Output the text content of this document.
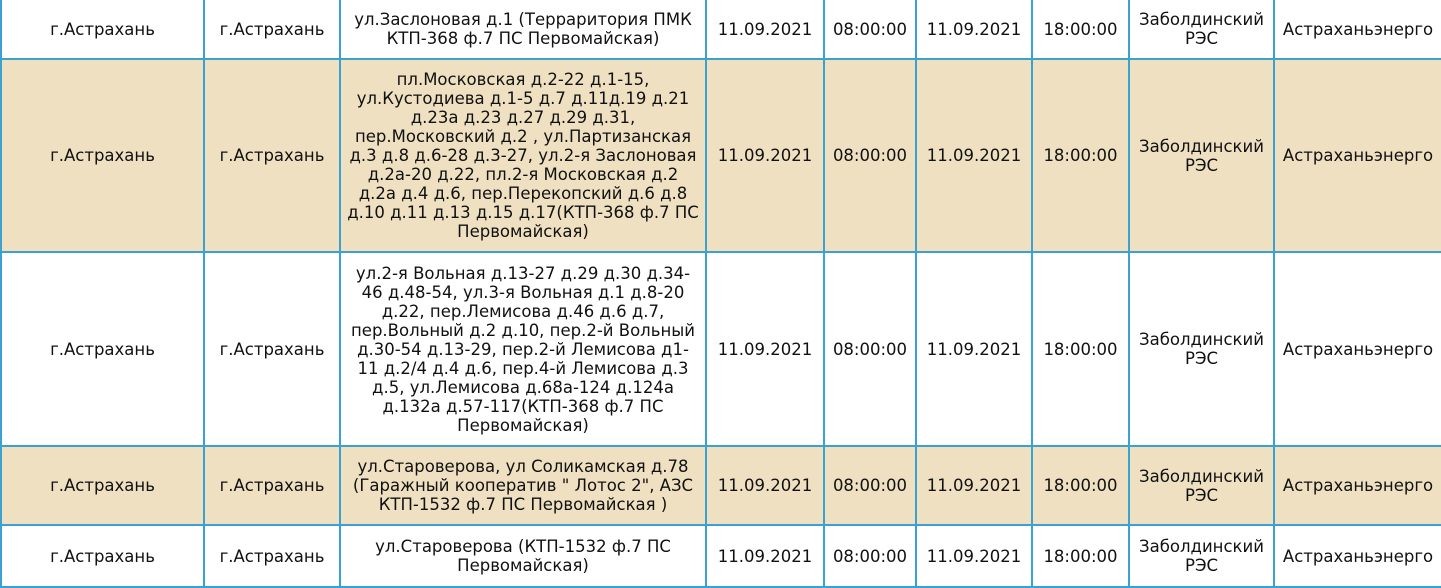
г.Астрахань	г.Астрахань	ул.Заслоновая д.1 (Терраритория ПМК КТП-368 ф.7 ПС Первомайская)	11.09.2021	08:00:00	11.09.2021	18:00:00	Заболдинский РЭС	Астраханьэнерго
г.Астрахань	г.Астрахань	пл.Московская д.2-22 д.1-15, ул.Кустодиева д.1-5 д.7 д.11д.19 д.21 д.23а д.23 д.27 д.29 д.31, пер.Московский д.2 , ул.Партизанская д.3 д.8 д.6-28 д.3-27, ул.2-я Заслоновая д.2а-20 д.22, пл.2-я Московская д.2 д.2а д.4 д.6, пер.Перекопский д.6 д.8 д.10 д.11 д.13 д.15 д.17(КТП-368 ф.7 ПС Первомайская)	11.09.2021	08:00:00	11.09.2021	18:00:00	Заболдинский РЭС	Астраханьэнерго
г.Астрахань	г.Астрахань	ул.2-я Вольная д.13-27 д.29 д.30 д.34-46 д.48-54, ул.3-я Вольная д.1 д.8-20 д.22, пер.Лемисова д.46 д.6 д.7, пер.Вольный д.2 д.10, пер.2-й Вольный д.30-54 д.13-29, пер.2-й Лемисова д1-11 д.2/4 д.4 д.6, пер.4-й Лемисова д.3 д.5, ул.Лемисова д.68а-124 д.124а д.132а д.57-117(КТП-368 ф.7 ПС Первомайская)	11.09.2021	08:00:00	11.09.2021	18:00:00	Заболдинский РЭС	Астраханьэнерго
г.Астрахань	г.Астрахань	ул.Староверова, ул Соликамская д.78 (Гаражный кооператив " Лотос 2", АЗС КТП-1532 ф.7 ПС Первомайская )	11.09.2021	08:00:00	11.09.2021	18:00:00	Заболдинский РЭС	Астраханьэнерго
г.Астрахань	г.Астрахань	ул.Староверова (КТП-1532 ф.7 ПС Первомайская)	11.09.2021	08:00:00	11.09.2021	18:00:00	Заболдинский РЭС	Астраханьэнерго
